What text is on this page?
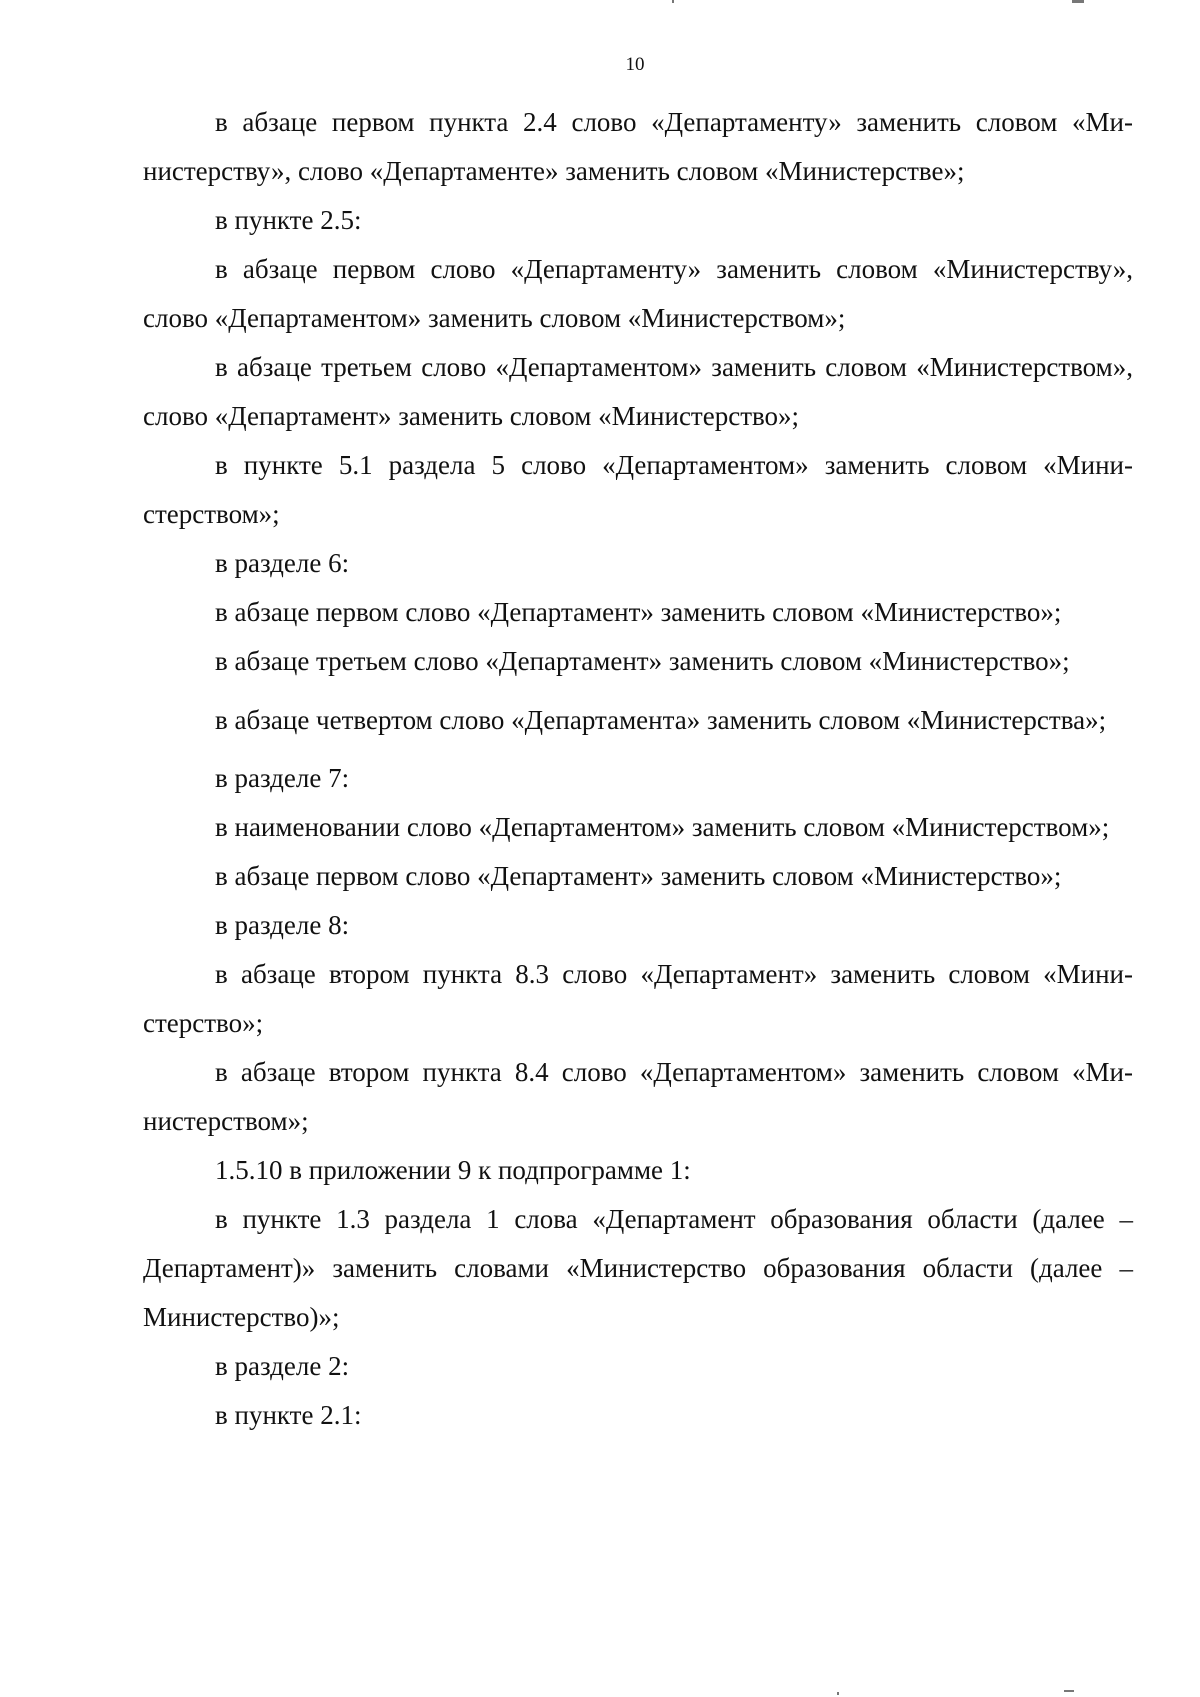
10

в абзаце первом пункта 2.4 слово «Департаменту» заменить словом «Министерству», слово «Департаменте» заменить словом «Министерстве»;

в пункте 2.5:

в абзаце первом слово «Департаменту» заменить словом «Министерству», слово «Департаментом» заменить словом «Министерством»;

в абзаце третьем слово «Департаментом» заменить словом «Министерством», слово «Департамент» заменить словом «Министерство»;

в пункте 5.1 раздела 5 слово «Департаментом» заменить словом «Министерством»;

в разделе 6:

в абзаце первом слово «Департамент» заменить словом «Министерство»;

в абзаце третьем слово «Департамент» заменить словом «Министерство»;

в абзаце четвертом слово «Департамента» заменить словом «Министерства»;

в разделе 7:

в наименовании слово «Департаментом» заменить словом «Министерством»;

в абзаце первом слово «Департамент» заменить словом «Министерство»;

в разделе 8:

в абзаце втором пункта 8.3 слово «Департамент» заменить словом «Министерство»;

в абзаце втором пункта 8.4 слово «Департаментом» заменить словом «Министерством»;

1.5.10 в приложении 9 к подпрограмме 1:

в пункте 1.3 раздела 1 слова «Департамент образования области (далее – Департамент)» заменить словами «Министерство образования области (далее – Министерство)»;

в разделе 2:

в пункте 2.1:
